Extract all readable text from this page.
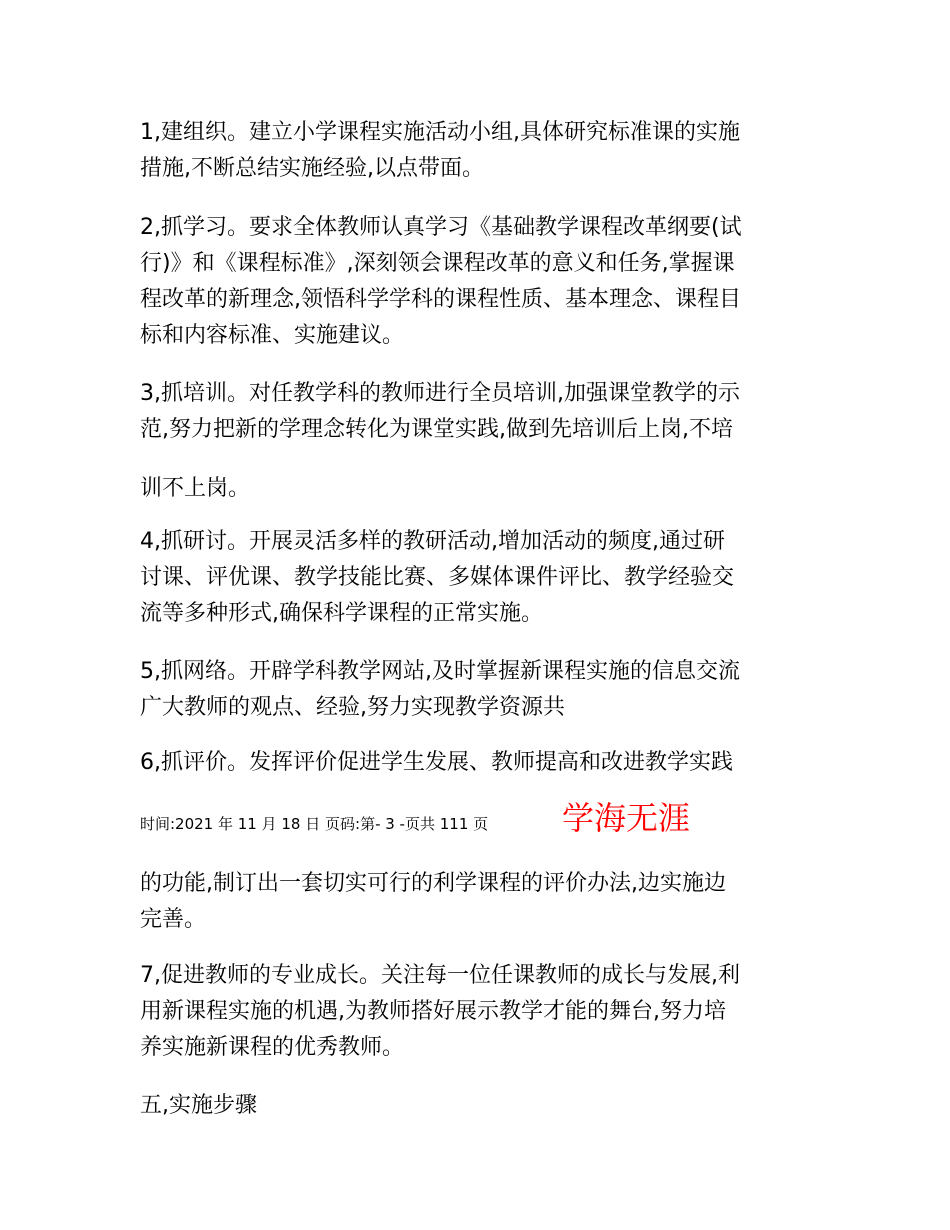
1,建组织。建立小学课程实施活动小组,具体研究标准课的实施
措施,不断总结实施经验,以点带面。
2,抓学习。要求全体教师认真学习《基础教学课程改革纲要(试
行)》和《课程标准》,深刻领会课程改革的意义和任务,掌握课
程改革的新理念,领悟科学学科的课程性质、基本理念、课程目
标和内容标准、实施建议。
3,抓培训。对任教学科的教师进行全员培训,加强课堂教学的示
范,努力把新的学理念转化为课堂实践,做到先培训后上岗,不培
训不上岗。
4,抓研讨。开展灵活多样的教研活动,增加活动的频度,通过研
讨课、评优课、教学技能比赛、多媒体课件评比、教学经验交
流等多种形式,确保科学课程的正常实施。
5,抓网络。开辟学科教学网站,及时掌握新课程实施的信息交流
广大教师的观点、经验,努力实现教学资源共
6,抓评价。发挥评价促进学生发展、教师提高和改进教学实践
时间:2021 年 11 月 18 日 页码:第- 3 -页共 111 页 学海无涯
的功能,制订出一套切实可行的利学课程的评价办法,边实施边
完善。
7,促进教师的专业成长。关注每一位任课教师的成长与发展,利
用新课程实施的机遇,为教师搭好展示教学才能的舞台,努力培
养实施新课程的优秀教师。
五,实施步骤
